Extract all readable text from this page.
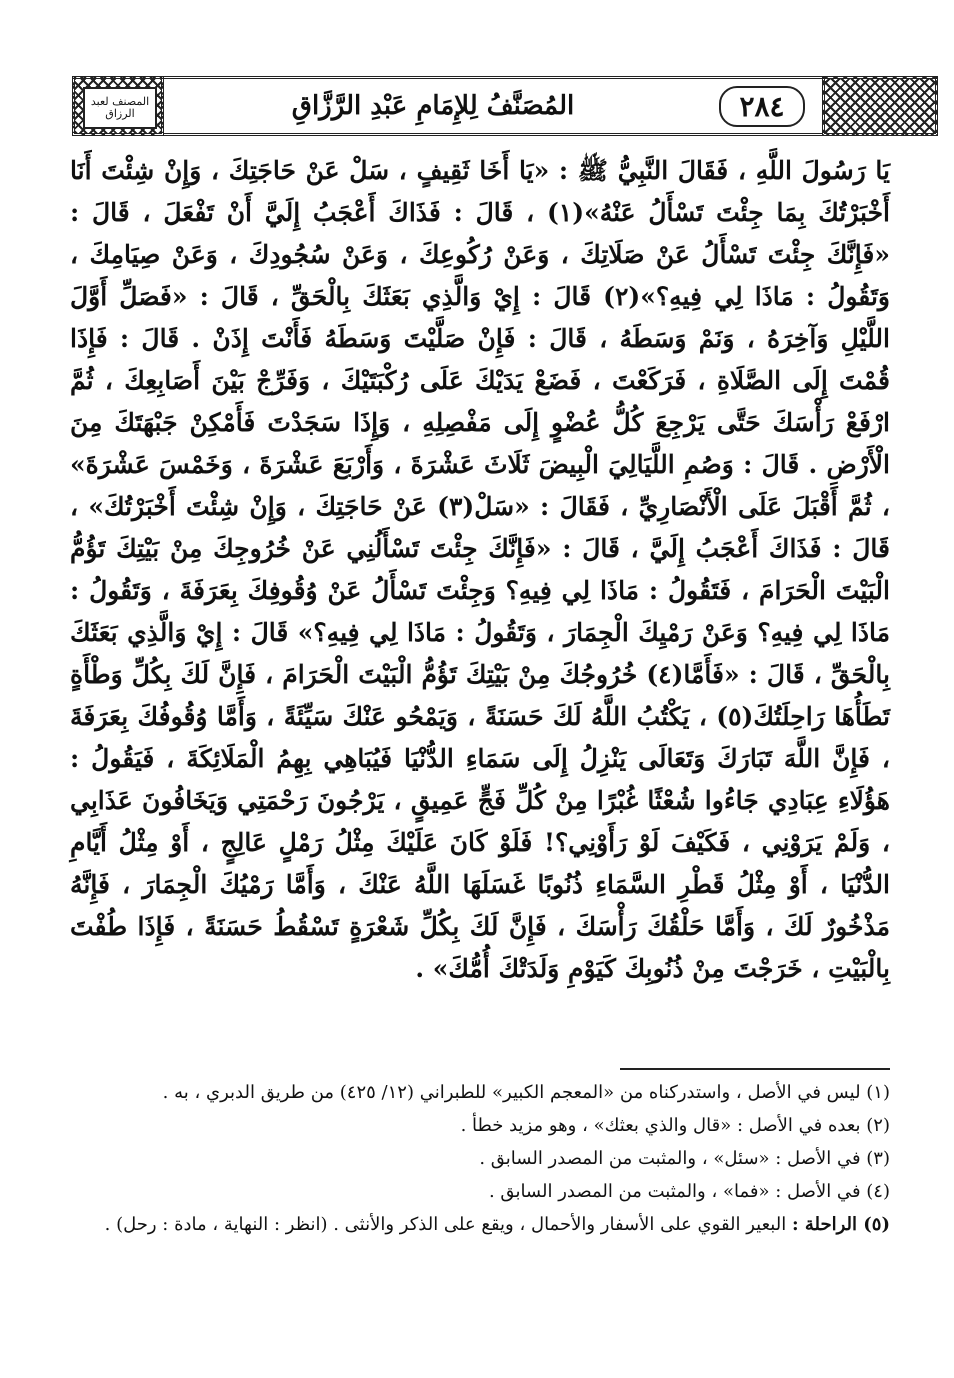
المصنف لعبد الرزاق	المُصَنَّفُ لِلإِمَامِ عَبْدِ الرَّزَّاقِ	٢٨٤

يَا رَسُولَ اللَّهِ ، فَقَالَ النَّبِيُّ ﷺ : «يَا أَخَا ثَقِيفٍ ، سَلْ عَنْ حَاجَتِكَ ، وَإِنْ شِئْتَ أَنَا أَخْبَرْتُكَ بِمَا جِئْتَ تَسْأَلُ عَنْهُ»(١) ، قَالَ : فَذَاكَ أَعْجَبُ إِلَيَّ أَنْ تَفْعَلَ ، قَالَ : «فَإِنَّكَ جِئْتَ تَسْأَلُ عَنْ صَلَاتِكَ ، وَعَنْ رُكُوعِكَ ، وَعَنْ سُجُودِكَ ، وَعَنْ صِيَامِكَ ، وَتَقُولُ : مَاذَا لِي فِيهِ؟»(٢) قَالَ : إِيْ وَالَّذِي بَعَثَكَ بِالْحَقِّ ، قَالَ : «فَصَلِّ أَوَّلَ اللَّيْلِ وَآخِرَهُ ، وَنَمْ وَسَطَهُ ، قَالَ : فَإِنْ صَلَّيْتَ وَسَطَهُ فَأَنْتَ إِذَنْ . قَالَ : فَإِذَا قُمْتَ إِلَى الصَّلَاةِ ، فَرَكَعْتَ ، فَضَعْ يَدَيْكَ عَلَى رُكْبَتَيْكَ ، وَفَرِّجْ بَيْنَ أَصَابِعِكَ ، ثُمَّ ارْفَعْ رَأْسَكَ حَتَّى يَرْجِعَ كُلُّ عُضْوٍ إِلَى مَفْصِلِهِ ، وَإِذَا سَجَدْتَ فَأَمْكِنْ جَبْهَتَكَ مِنَ الْأَرْضِ . قَالَ : وَصُمِ اللَّيَالِيَ الْبِيضَ ثَلَاثَ عَشْرَةَ ، وَأَرْبَعَ عَشْرَةَ ، وَخَمْسَ عَشْرَةَ» ، ثُمَّ أَقْبَلَ عَلَى الْأَنْصَارِيِّ ، فَقَالَ : «سَلْ(٣) عَنْ حَاجَتِكَ ، وَإِنْ شِئْتَ أَخْبَرْتُكَ» ، قَالَ : فَذَاكَ أَعْجَبُ إِلَيَّ ، قَالَ : «فَإِنَّكَ جِئْتَ تَسْأَلُنِي عَنْ خُرُوجِكَ مِنْ بَيْتِكَ تَؤُمُّ الْبَيْتَ الْحَرَامَ ، فَتَقُولُ : مَاذَا لِي فِيهِ؟ وَجِئْتَ تَسْأَلُ عَنْ وُقُوفِكَ بِعَرَفَةَ ، وَتَقُولُ : مَاذَا لِي فِيهِ؟ وَعَنْ رَمْيِكَ الْجِمَارَ ، وَتَقُولُ : مَاذَا لِي فِيهِ؟» قَالَ : إِيْ وَالَّذِي بَعَثَكَ بِالْحَقِّ ، قَالَ : «فَأَمَّا(٤) خُرُوجُكَ مِنْ بَيْتِكَ تَؤُمُّ الْبَيْتَ الْحَرَامَ ، فَإِنَّ لَكَ بِكُلِّ وَطْأَةٍ تَطَأُهَا رَاحِلَتُكَ(٥) ، يَكْتُبُ اللَّهُ لَكَ حَسَنَةً ، وَيَمْحُو عَنْكَ سَيِّئَةً ، وَأَمَّا وُقُوفُكَ بِعَرَفَةَ ، فَإِنَّ اللَّهَ تَبَارَكَ وَتَعَالَى يَنْزِلُ إِلَى سَمَاءِ الدُّنْيَا فَيُبَاهِي بِهِمُ الْمَلَائِكَةَ ، فَيَقُولُ : هَؤُلَاءِ عِبَادِي جَاءُوا شُعْثًا غُبْرًا مِنْ كُلِّ فَجٍّ عَمِيقٍ ، يَرْجُونَ رَحْمَتِي وَيَخَافُونَ عَذَابِي ، وَلَمْ يَرَوْنِي ، فَكَيْفَ لَوْ رَأَوْنِي؟! فَلَوْ كَانَ عَلَيْكَ مِثْلُ رَمْلٍ عَالِجٍ ، أَوْ مِثْلُ أَيَّامِ الدُّنْيَا ، أَوْ مِثْلُ قَطْرِ السَّمَاءِ ذُنُوبًا غَسَلَهَا اللَّهُ عَنْكَ ، وَأَمَّا رَمْيُكَ الْجِمَارَ ، فَإِنَّهُ مَذْخُورٌ لَكَ ، وَأَمَّا حَلْقُكَ رَأْسَكَ ، فَإِنَّ لَكَ بِكُلِّ شَعْرَةٍ تَسْقُطُ حَسَنَةً ، فَإِذَا طُفْتَ بِالْبَيْتِ ، خَرَجْتَ مِنْ ذُنُوبِكَ كَيَوْمِ وَلَدَتْكَ أُمُّكَ» .

(١) ليس في الأصل ، واستدركناه من «المعجم الكبير» للطبراني (١٢/ ٤٢٥) من طريق الدبري ، به .

(٢) بعده في الأصل : «قال والذي بعثك» ، وهو مزيد خطأ .

(٣) في الأصل : «سئل» ، والمثبت من المصدر السابق .

(٤) في الأصل : «فما» ، والمثبت من المصدر السابق .

(٥) الراحلة : البعير القوي على الأسفار والأحمال ، ويقع على الذكر والأنثى . (انظر : النهاية ، مادة : رحل) .
